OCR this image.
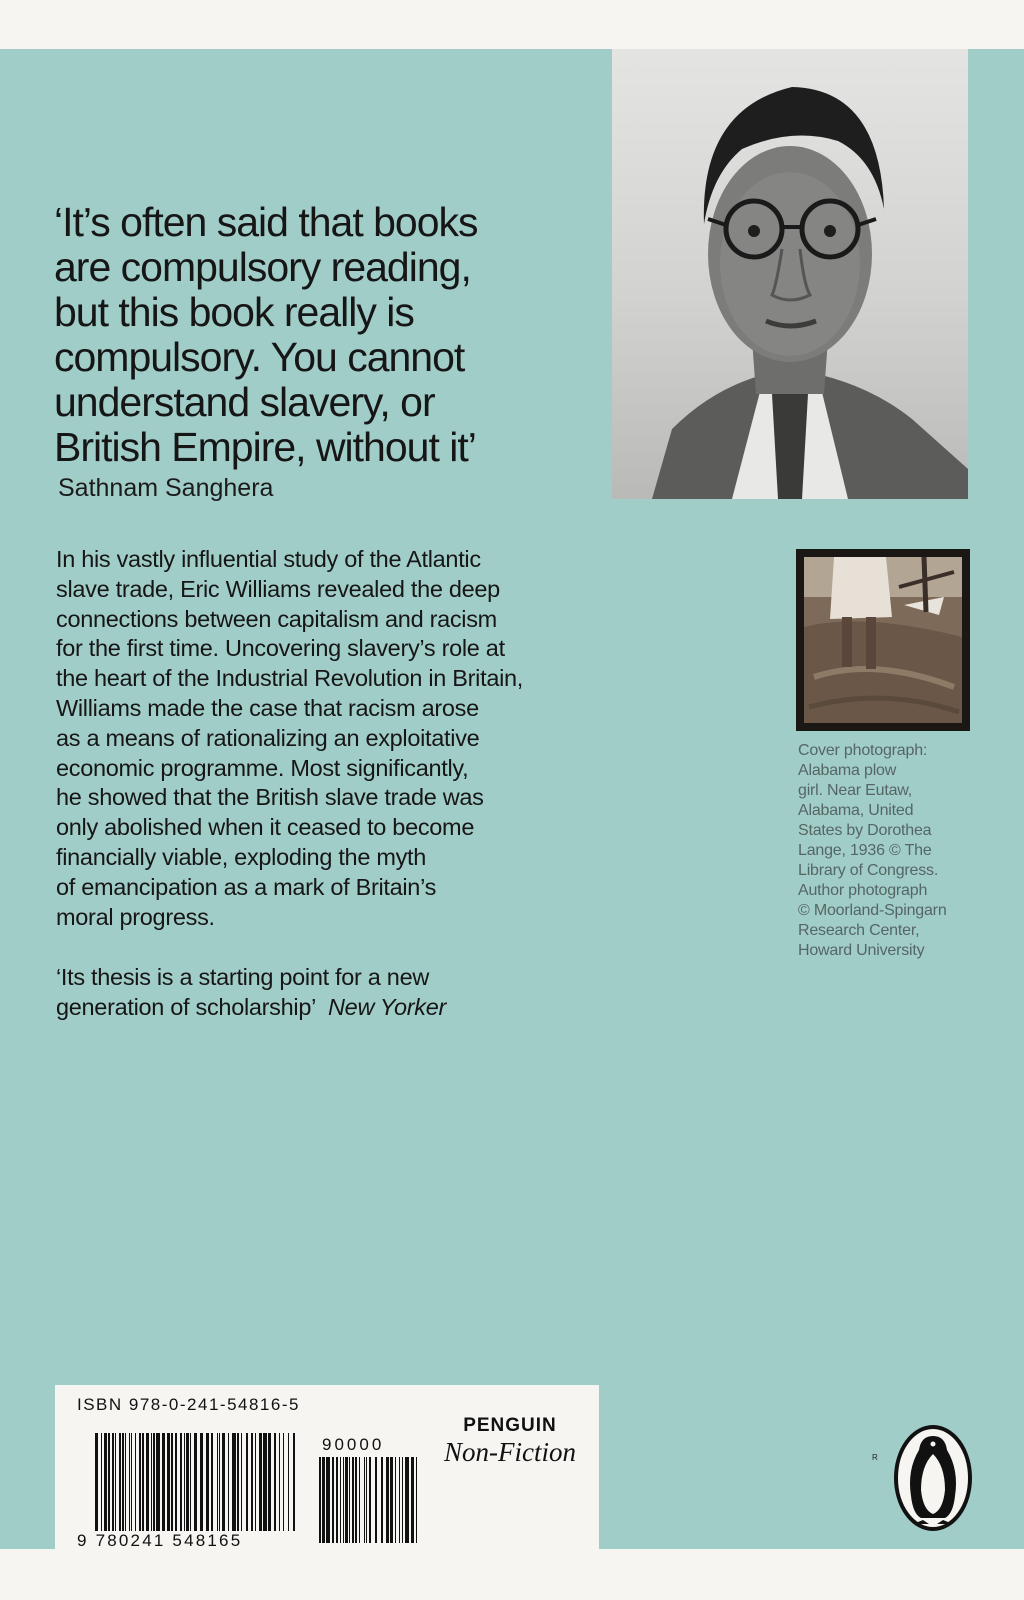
‘It’s often said that books
are compulsory reading,
but this book really is
compulsory. You cannot
understand slavery, or
British Empire, without it’
Sathnam Sanghera
In his vastly influential study of the Atlantic
slave trade, Eric Williams revealed the deep
connections between capitalism and racism
for the first time. Uncovering slavery’s role at
the heart of the Industrial Revolution in Britain,
Williams made the case that racism arose
as a means of rationalizing an exploitative
economic programme. Most significantly,
he showed that the British slave trade was
only abolished when it ceased to become
financially viable, exploding the myth
of emancipation as a mark of Britain’s
moral progress.
‘Its thesis is a starting point for a new
generation of scholarship’ New Yorker
Cover photograph:
Alabama plow
girl. Near Eutaw,
Alabama, United
States by Dorothea
Lange, 1936 © The
Library of Congress.
Author photograph
© Moorland-Spingarn
Research Center,
Howard University
ISBN 978-0-241-54816-5
9 780241 548165
90000
PENGUIN
Non-Fiction	R
